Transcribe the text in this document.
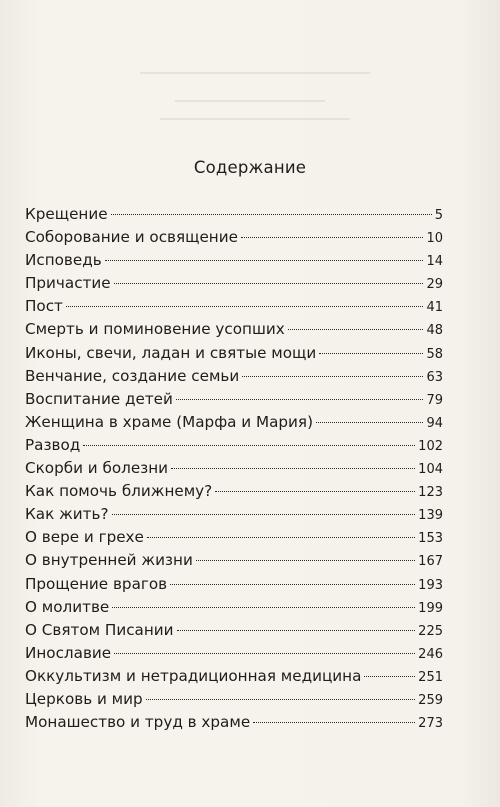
Содержание
Крещение	5
Соборование и освящение	10
Исповедь	14
Причастие	29
Пост	41
Смерть и поминовение усопших	48
Иконы, свечи, ладан и святые мощи	58
Венчание, создание семьи	63
Воспитание детей	79
Женщина в храме (Марфа и Мария)	94
Развод	102
Скорби и болезни	104
Как помочь ближнему?	123
Как жить?	139
О вере и грехе	153
О внутренней жизни	167
Прощение врагов	193
О молитве	199
О Святом Писании	225
Инославие	246
Оккультизм и нетрадиционная медицина	251
Церковь и мир	259
Монашество и труд в храме	273
